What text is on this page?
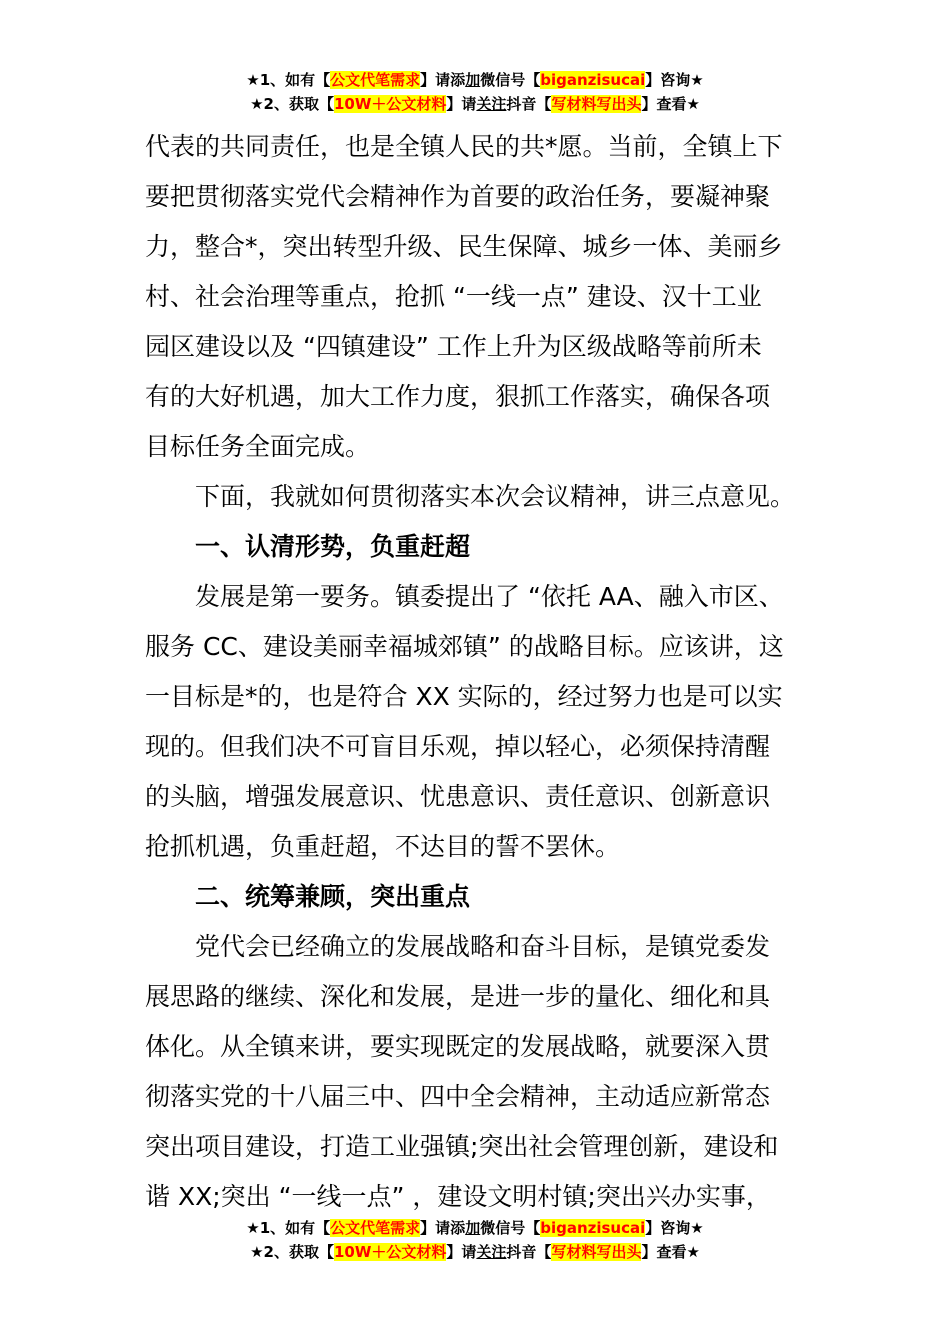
★1、如有【公文代笔需求】请添加微信号【biganzisucai】咨询★
★2、获取【10W＋公文材料】请关注抖音【写材料写出头】查看★

代表的共同责任，也是全镇人民的共*愿。当前，全镇上下

要把贯彻落实党代会精神作为首要的政治任务，要凝神聚

力，整合*，突出转型升级、民生保障、城乡一体、美丽乡

村、社会治理等重点，抢抓 “一线一点” 建设、汉十工业

园区建设以及 “四镇建设” 工作上升为区级战略等前所未

有的大好机遇，加大工作力度，狠抓工作落实，确保各项

目标任务全面完成。

下面，我就如何贯彻落实本次会议精神，讲三点意见。

一、认清形势，负重赶超

发展是第一要务。镇委提出了 “依托 AA、融入市区、

服务 CC、建设美丽幸福城郊镇” 的战略目标。应该讲，这

一目标是*的，也是符合 XX 实际的，经过努力也是可以实

现的。但我们决不可盲目乐观，掉以轻心，必须保持清醒

的头脑，增强发展意识、忧患意识、责任意识、创新意识

抢抓机遇，负重赶超，不达目的誓不罢休。

二、统筹兼顾，突出重点

党代会已经确立的发展战略和奋斗目标，是镇党委发

展思路的继续、深化和发展，是进一步的量化、细化和具

体化。从全镇来讲，要实现既定的发展战略，就要深入贯

彻落实党的十八届三中、四中全会精神，主动适应新常态

突出项目建设，打造工业强镇;突出社会管理创新，建设和

谐 XX;突出 “一线一点” ，建设文明村镇;突出兴办实事，

★1、如有【公文代笔需求】请添加微信号【biganzisucai】咨询★
★2、获取【10W＋公文材料】请关注抖音【写材料写出头】查看★
